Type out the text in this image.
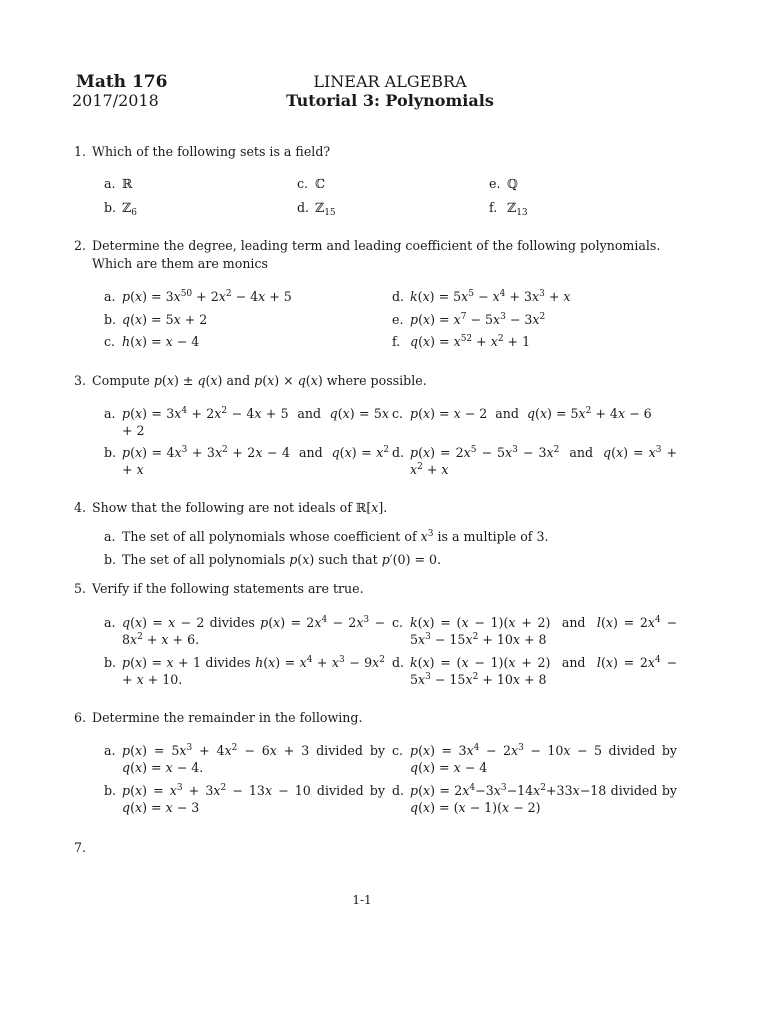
Math 176
2017/2018
LINEAR ALGEBRA
Tutorial 3: Polynomials
1. Which of the following sets is a field?
a. ℝ	c. ℂ	e. ℚ
b. ℤ$_6$	d. ℤ$_{15}$	f. ℤ$_{13}$
2. Determine the degree, leading term and leading coefficient of the following polynomials. Which are them are monics
a. $p(x) = 3x^{50} + 2x^2 - 4x + 5$
b. q(x) = 5x + 2
c. h(x) = x − 4
d. $k(x) = 5x^5 - x^4 + 3x^3 + x$
e. $p(x) = x^7 - 5x^3 - 3x^2$
f. $q(x) = x^{52} + x^2 + 1$
3. Compute p(x) ± q(x) and p(x) × q(x) where possible.
a. $p(x) = 3x^4 + 2x^2 - 4x + 5$  and  q(x) = 5x + 2
c. p(x) = x − 2  and  $q(x) = 5x^2 + 4x - 6$
b. $p(x) = 4x^3 + 3x^2 + 2x - 4$  and  $q(x) = x^2 + x$
d. $p(x) = 2x^5 - 5x^3 - 3x^2$  and  $q(x) = x^3 + x^2 + x$
4. Show that the following are not ideals of ℝ[x].
a. The set of all polynomials whose coefficient of $x^3$ is a multiple of 3.
b. The set of all polynomials p(x) such that p′(0) = 0.
5. Verify if the following statements are true.
a. q(x) = x − 2 divides $p(x) = 2x^4 - 2x^3 - 8x^2 + x + 6$.
c. k(x) = (x − 1)(x + 2)  and  $l(x) = 2x^4 - 5x^3 - 15x^2 + 10x + 8$
b. p(x) = x + 1 divides $h(x) = x^4 + x^3 - 9x^2 + x + 10$.
d. k(x) = (x − 1)(x + 2)  and  $l(x) = 2x^4 - 5x^3 - 15x^2 + 10x + 8$
6. Determine the remainder in the following.
a. $p(x) = 5x^3 + 4x^2 - 6x + 3$ divided by q(x) = x − 4.
c. $p(x) = 3x^4 - 2x^3 - 10x - 5$ divided by q(x) = x − 4
b. $p(x) = x^3 + 3x^2 - 13x - 10$ divided by q(x) = x − 3
d. $p(x) = 2x^4-3x^3-14x^2+33x-18$ divided by q(x) = (x − 1)(x − 2)
7.
1-1
